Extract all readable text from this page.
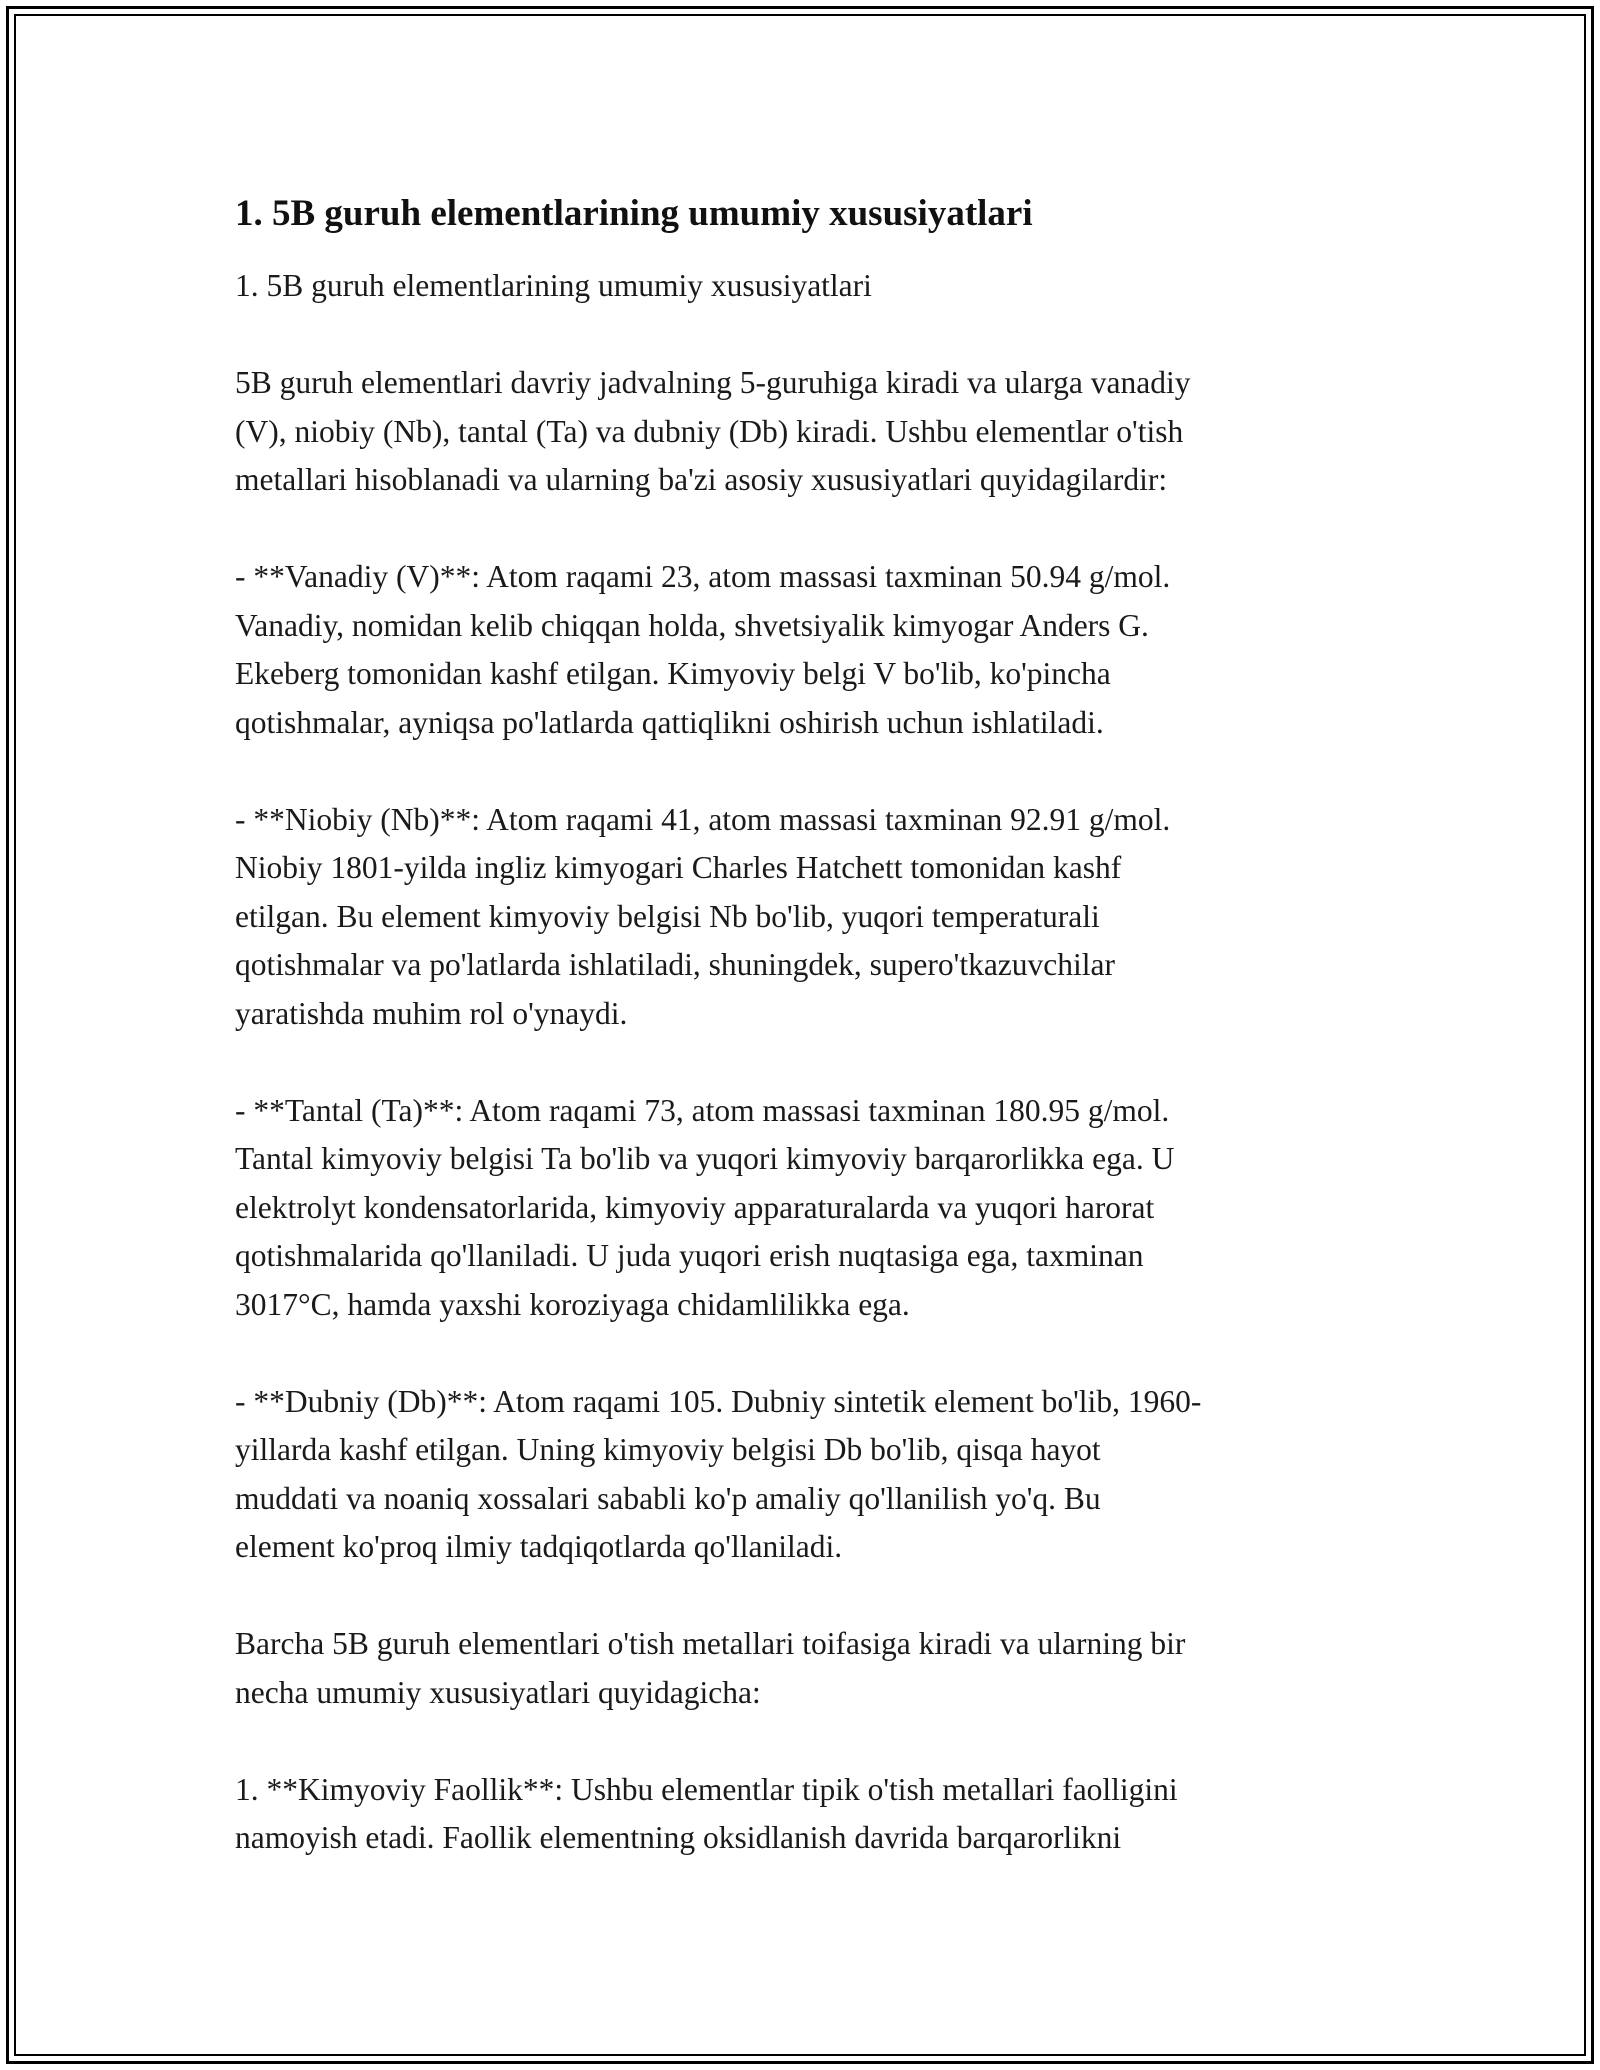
1. 5B guruh elementlarining umumiy xususiyatlari
1. 5B guruh elementlarining umumiy xususiyatlari

5B guruh elementlari davriy jadvalning 5-guruhiga kiradi va ularga vanadiy
(V), niobiy (Nb), tantal (Ta) va dubniy (Db) kiradi. Ushbu elementlar o'tish
metallari hisoblanadi va ularning ba'zi asosiy xususiyatlari quyidagilardir:

- **Vanadiy (V)**: Atom raqami 23, atom massasi taxminan 50.94 g/mol.
Vanadiy, nomidan kelib chiqqan holda, shvetsiyalik kimyogar Anders G.
Ekeberg tomonidan kashf etilgan. Kimyoviy belgi V bo'lib, ko'pincha
qotishmalar, ayniqsa po'latlarda qattiqlikni oshirish uchun ishlatiladi.

- **Niobiy (Nb)**: Atom raqami 41, atom massasi taxminan 92.91 g/mol.
Niobiy 1801-yilda ingliz kimyogari Charles Hatchett tomonidan kashf
etilgan. Bu element kimyoviy belgisi Nb bo'lib, yuqori temperaturali
qotishmalar va po'latlarda ishlatiladi, shuningdek, supero'tkazuvchilar
yaratishda muhim rol o'ynaydi.

- **Tantal (Ta)**: Atom raqami 73, atom massasi taxminan 180.95 g/mol.
Tantal kimyoviy belgisi Ta bo'lib va yuqori kimyoviy barqarorlikka ega. U
elektrolyt kondensatorlarida, kimyoviy apparaturalarda va yuqori harorat
qotishmalarida qo'llaniladi. U juda yuqori erish nuqtasiga ega, taxminan
3017°C, hamda yaxshi koroziyaga chidamlilikka ega.

- **Dubniy (Db)**: Atom raqami 105. Dubniy sintetik element bo'lib, 1960-
yillarda kashf etilgan. Uning kimyoviy belgisi Db bo'lib, qisqa hayot
muddati va noaniq xossalari sababli ko'p amaliy qo'llanilish yo'q. Bu
element ko'proq ilmiy tadqiqotlarda qo'llaniladi.

Barcha 5B guruh elementlari o'tish metallari toifasiga kiradi va ularning bir
necha umumiy xususiyatlari quyidagicha:

1. **Kimyoviy Faollik**: Ushbu elementlar tipik o'tish metallari faolligini
namoyish etadi. Faollik elementning oksidlanish davrida barqarorlikni
